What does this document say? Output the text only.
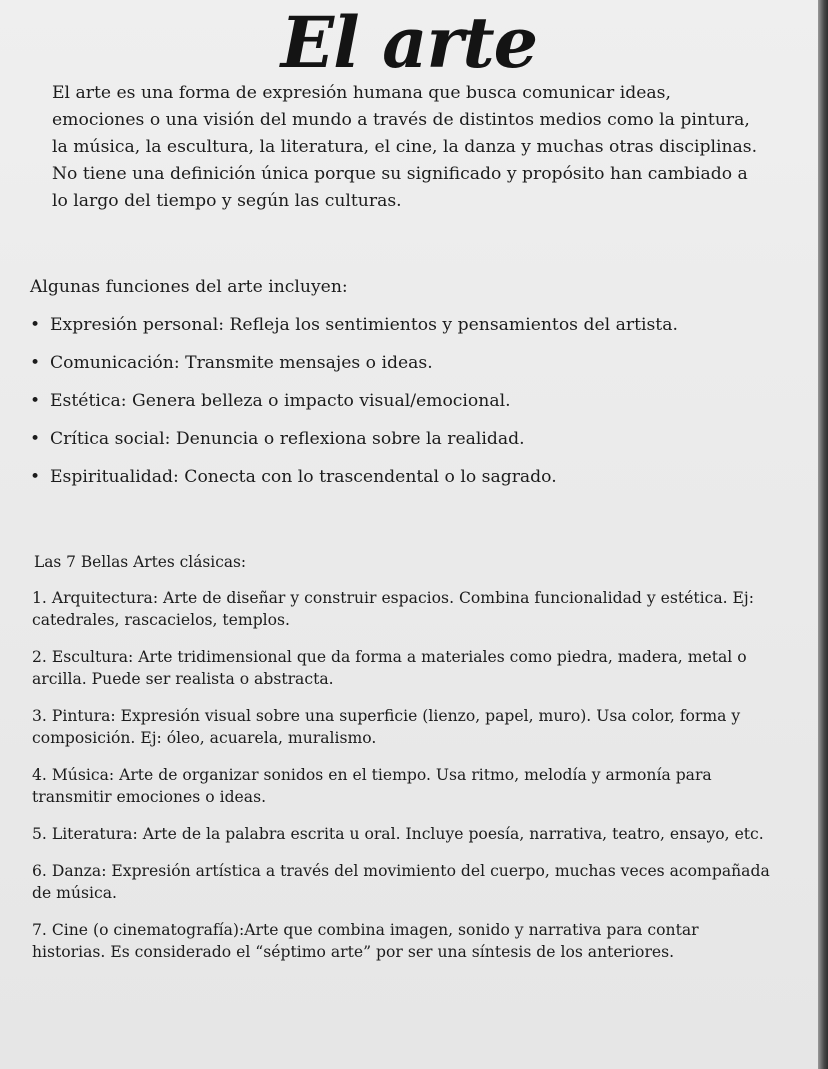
El arte

El arte es una forma de expresión humana que busca comunicar ideas, emociones o una visión del mundo a través de distintos medios como la pintura, la música, la escultura, la literatura, el cine, la danza y muchas otras disciplinas. No tiene una definición única porque su significado y propósito han cambiado a lo largo del tiempo y según las culturas.

Algunas funciones del arte incluyen:
• Expresión personal: Refleja los sentimientos y pensamientos del artista.
• Comunicación: Transmite mensajes o ideas.
• Estética: Genera belleza o impacto visual/emocional.
• Crítica social: Denuncia o reflexiona sobre la realidad.
• Espiritualidad: Conecta con lo trascendental o lo sagrado.
Las 7 Bellas Artes clásicas:
1. Arquitectura: Arte de diseñar y construir espacios. Combina funcionalidad y estética. Ej: catedrales, rascacielos, templos.
2. Escultura: Arte tridimensional que da forma a materiales como piedra, madera, metal o arcilla. Puede ser realista o abstracta.
3. Pintura: Expresión visual sobre una superficie (lienzo, papel, muro). Usa color, forma y composición. Ej: óleo, acuarela, muralismo.
4. Música: Arte de organizar sonidos en el tiempo. Usa ritmo, melodía y armonía para transmitir emociones o ideas.
5. Literatura: Arte de la palabra escrita u oral. Incluye poesía, narrativa, teatro, ensayo, etc.
6. Danza: Expresión artística a través del movimiento del cuerpo, muchas veces acompañada de música.
7. Cine (o cinematografía):Arte que combina imagen, sonido y narrativa para contar historias. Es considerado el “séptimo arte” por ser una síntesis de los anteriores.
